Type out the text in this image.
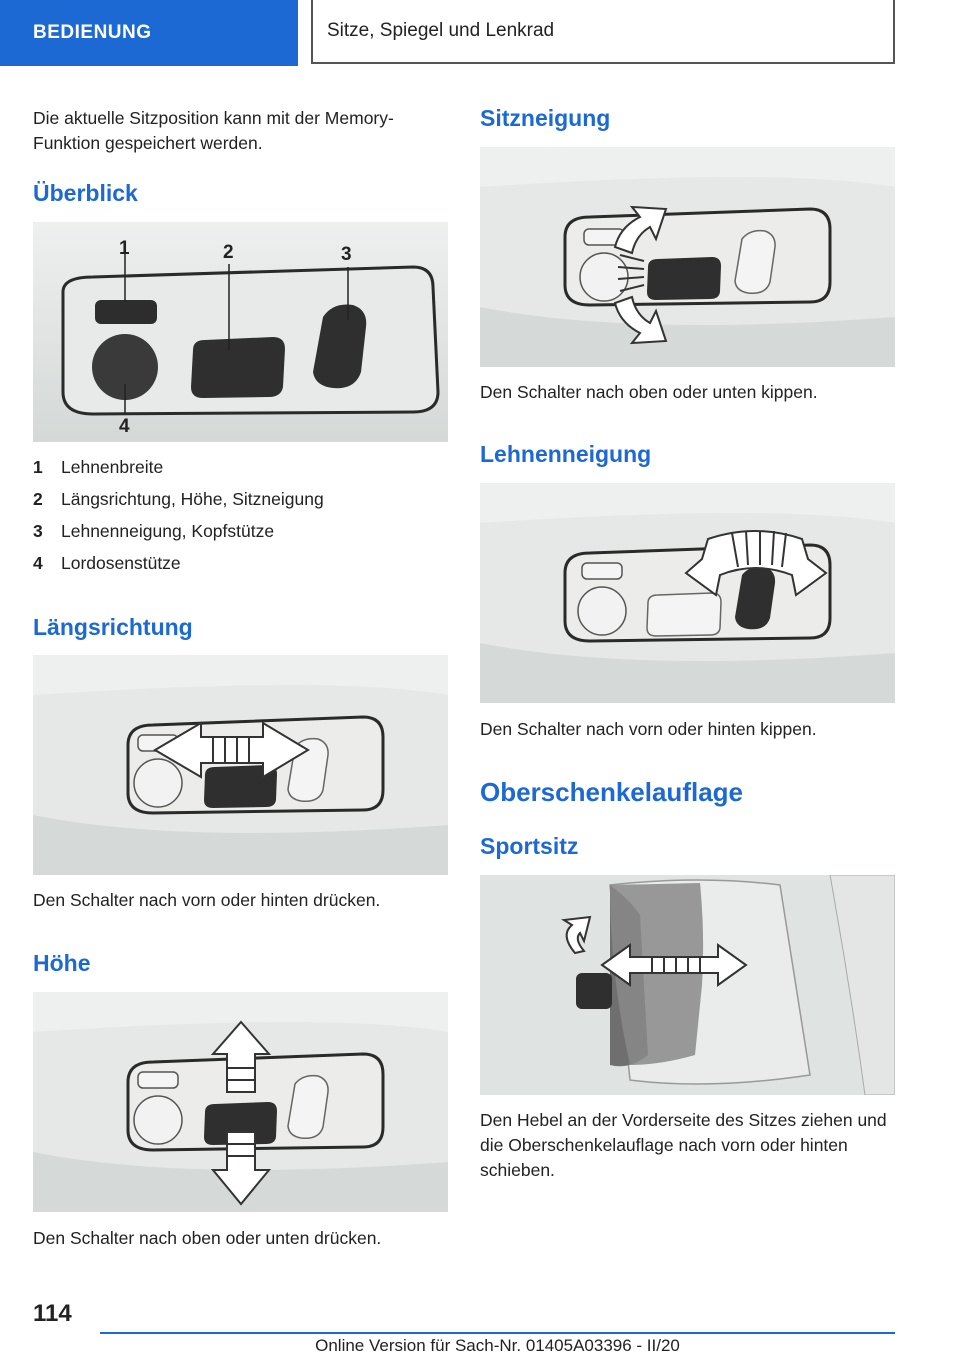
BEDIENUNG	Sitze, Spiegel und Lenkrad

Die aktuelle Sitzposition kann mit der Memory-Funktion gespeichert werden.

Überblick
1	2	3
4
1	Lehnenbreite
2	Längsrichtung, Höhe, Sitzneigung
3	Lehnenneigung, Kopfstütze
4	Lordosenstütze
Längsrichtung

Den Schalter nach vorn oder hinten drücken.

Höhe

Den Schalter nach oben oder unten drücken.

Sitzneigung

Den Schalter nach oben oder unten kippen.

Lehnenneigung

Den Schalter nach vorn oder hinten kippen.

Oberschenkelauflage
Sportsitz

Den Hebel an der Vorderseite des Sitzes ziehen und die Oberschenkelauflage nach vorn oder hinten schieben.

114
Online Version für Sach-Nr. 01405A03396 - II/20
